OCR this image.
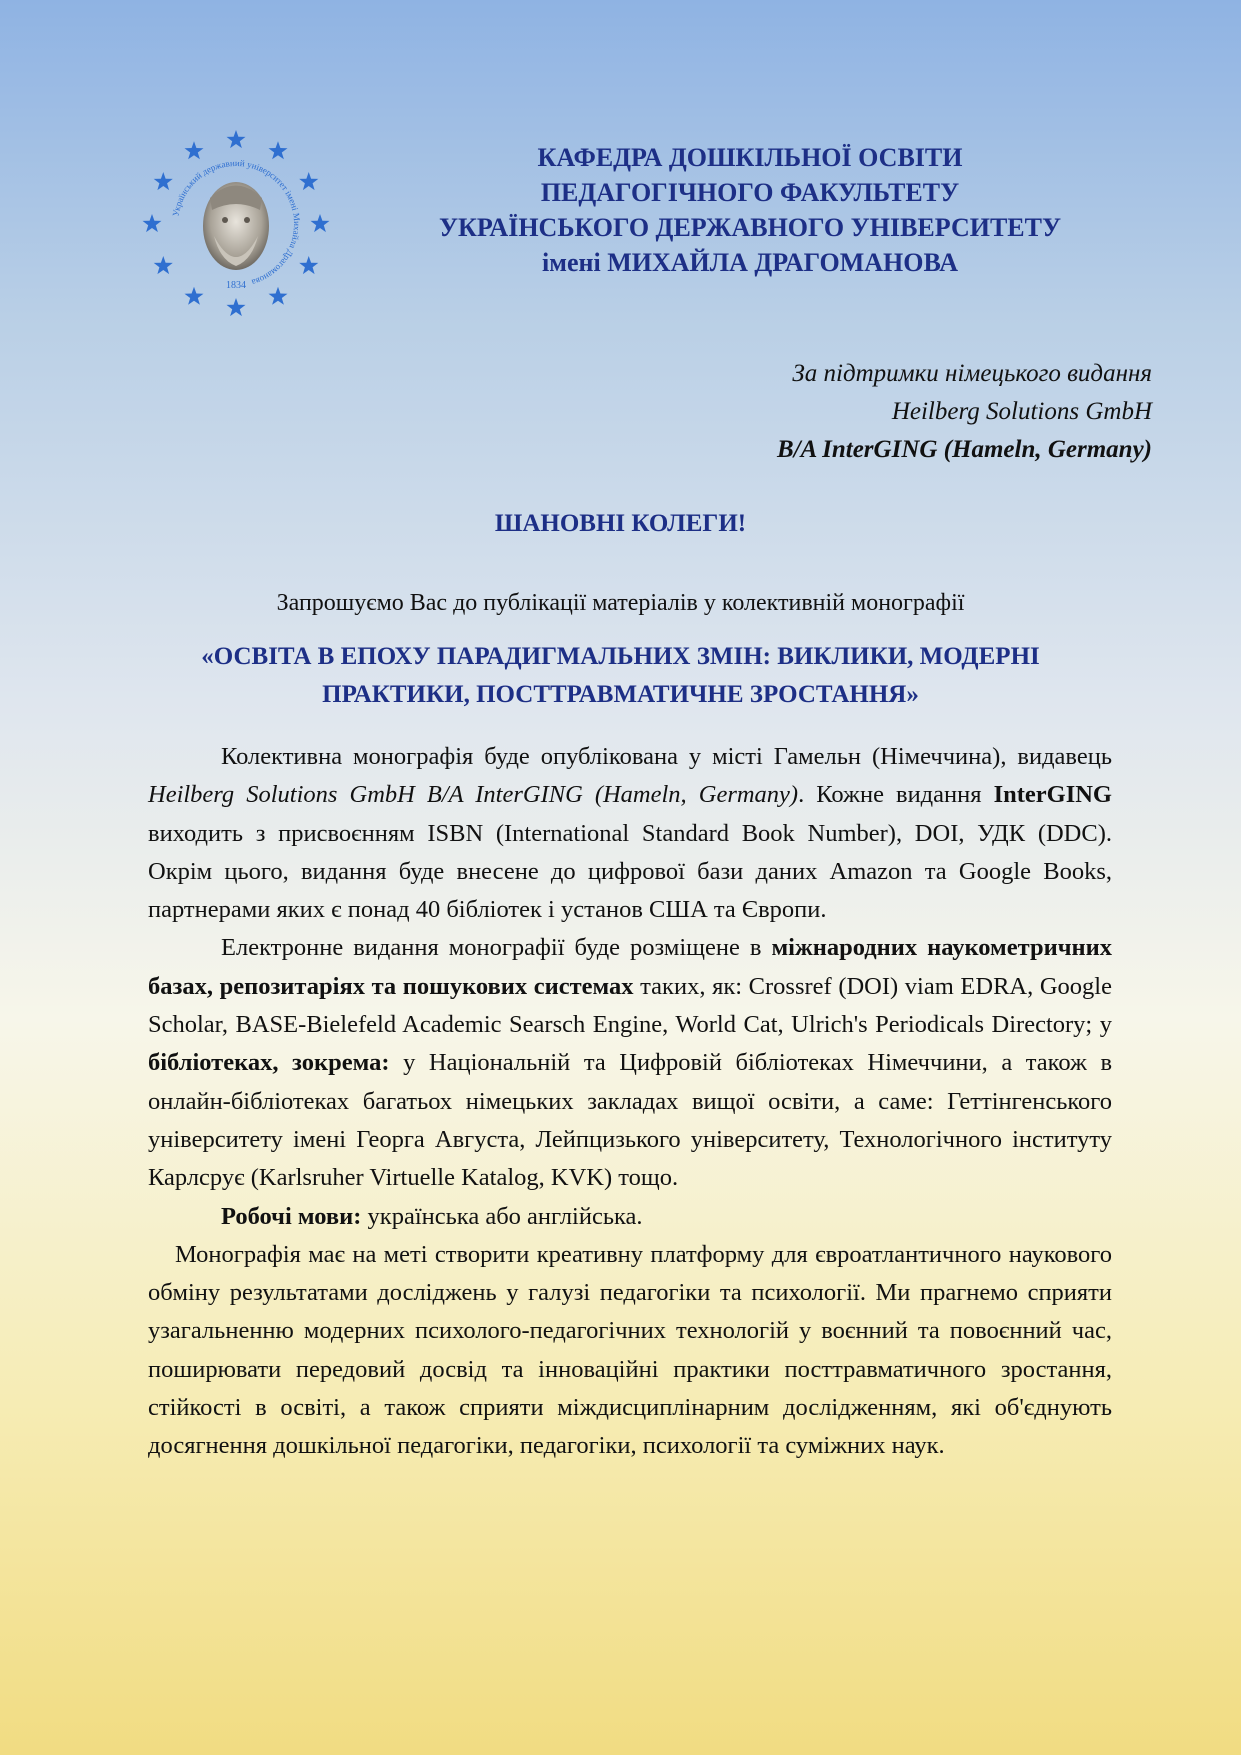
Український державний університет імені Михайла Драгоманова
1834
КАФЕДРА ДОШКІЛЬНОЇ ОСВІТИ
ПЕДАГОГІЧНОГО ФАКУЛЬТЕТУ
УКРАЇНСЬКОГО ДЕРЖАВНОГО УНІВЕРСИТЕТУ
імені МИХАЙЛА ДРАГОМАНОВА
За підтримки німецького видання
Heilberg Solutions GmbH
B/A InterGING (Hameln, Germany)
ШАНОВНІ КОЛЕГИ!
Запрошуємо Вас до публікації матеріалів у колективній монографії
«ОСВІТА В ЕПОХУ ПАРАДИГМАЛЬНИХ ЗМІН: ВИКЛИКИ, МОДЕРНІ
ПРАКТИКИ, ПОСТТРАВМАТИЧНЕ ЗРОСТАННЯ»

Колективна монографія буде опублікована у місті Гамельн (Німеччина), видавець Heilberg Solutions GmbH B/A InterGING (Hameln, Germany). Кожне видання InterGING виходить з присвоєнням ISBN (International Standard Book Number), DOI, УДК (DDC). Окрім цього, видання буде внесене до цифрової бази даних Amazon та Google Books, партнерами яких є понад 40 бібліотек і установ США та Європи.

Електронне видання монографії буде розміщене в міжнародних наукометричних базах, репозитаріях та пошукових системах таких, як: Crossref (DOI) viam EDRA, Google Scholar, BASE-Bielefeld Academic Searsch Engine, World Cat, Ulrich's Periodicals Directory; у бібліотеках, зокрема: у Національній та Цифровій бібліотеках Німеччини, а також в онлайн-бібліотеках багатьох німецьких закладах вищої освіти, а саме: Геттінгенського університету імені Георга Августа, Лейпцизького університету, Технологічного інституту Карлсрує (Karlsruher Virtuelle Katalog, KVK) тощо.

Робочі мови: українська або англійська.

Монографія має на меті створити креативну платформу для євроатлантичного наукового обміну результатами досліджень у галузі педагогіки та психології. Ми прагнемо сприяти узагальненню модерних психолого-педагогічних технологій у воєнний та повоєнний час, поширювати передовий досвід та інноваційні практики посттравматичного зростання, стійкості в освіті, а також сприяти міждисциплінарним дослідженням, які об'єднують досягнення дошкільної педагогіки, педагогіки, психології та суміжних наук.
